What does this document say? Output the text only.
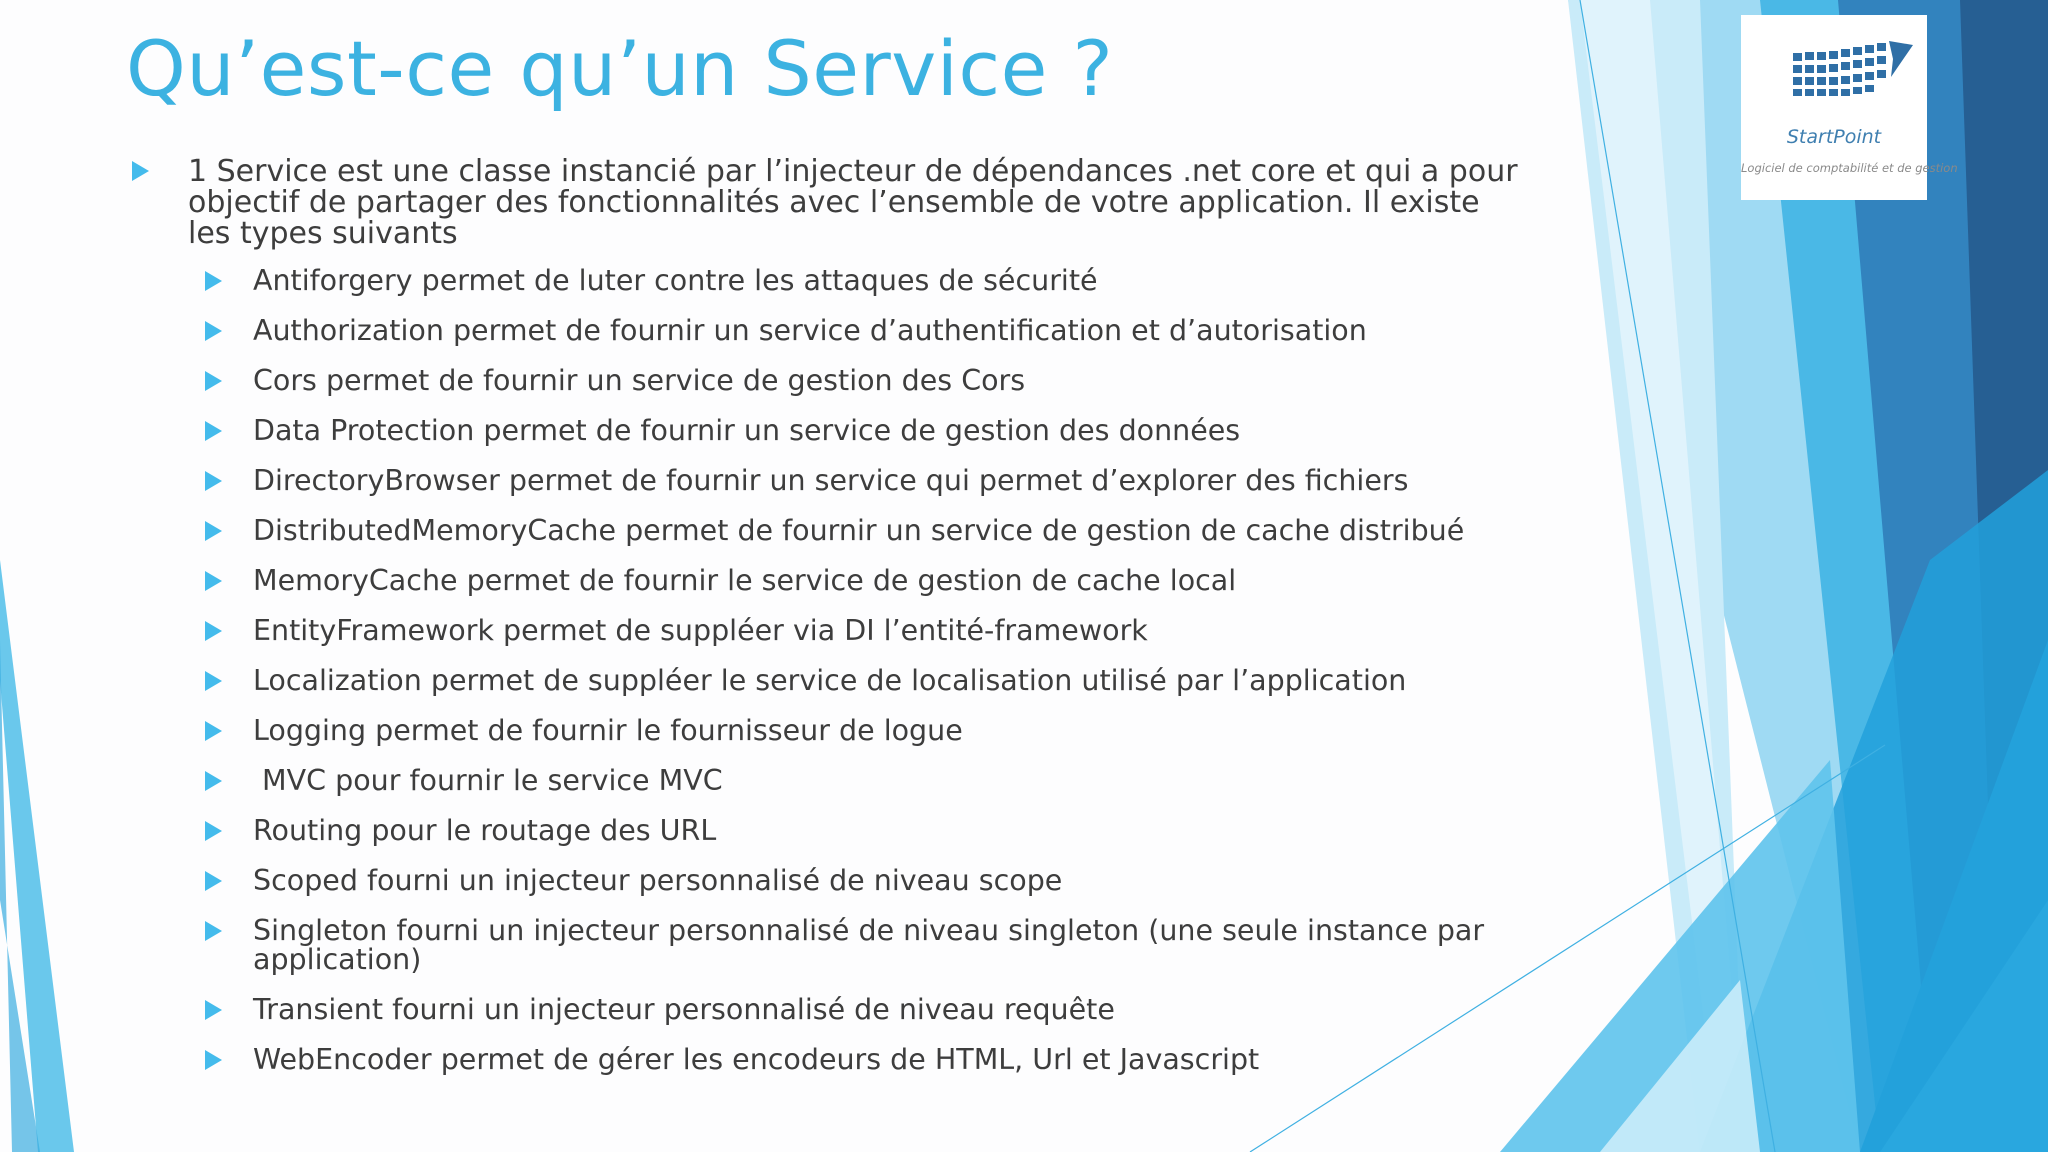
Qu’est-ce qu’un Service ?
1 Service est une classe instancié par l’injecteur de dépendances .net core et qui a pour objectif de partager des fonctionnalités avec l’ensemble de votre application. Il existe les types suivants
Antiforgery permet de luter contre les attaques de sécurité
Authorization permet de fournir un service d’authentification et d’autorisation
Cors permet de fournir un service de gestion des Cors
Data Protection permet de fournir un service de gestion des données
DirectoryBrowser permet de fournir un service qui permet d’explorer des fichiers
DistributedMemoryCache permet de fournir un service de gestion de cache distribué
MemoryCache permet de fournir le service de gestion de cache local
EntityFramework permet de suppléer via DI l’entité-framework
Localization permet de suppléer le service de localisation utilisé par l’application
Logging permet de fournir le fournisseur de logue
MVC pour fournir le service MVC
Routing pour le routage des URL
Scoped fourni un injecteur personnalisé de niveau scope
Singleton fourni un injecteur personnalisé de niveau singleton (une seule instance par application)
Transient fourni un injecteur personnalisé de niveau requête
WebEncoder permet de gérer les encodeurs de HTML, Url et Javascript
StartPoint
Logiciel de comptabilité et de gestion
